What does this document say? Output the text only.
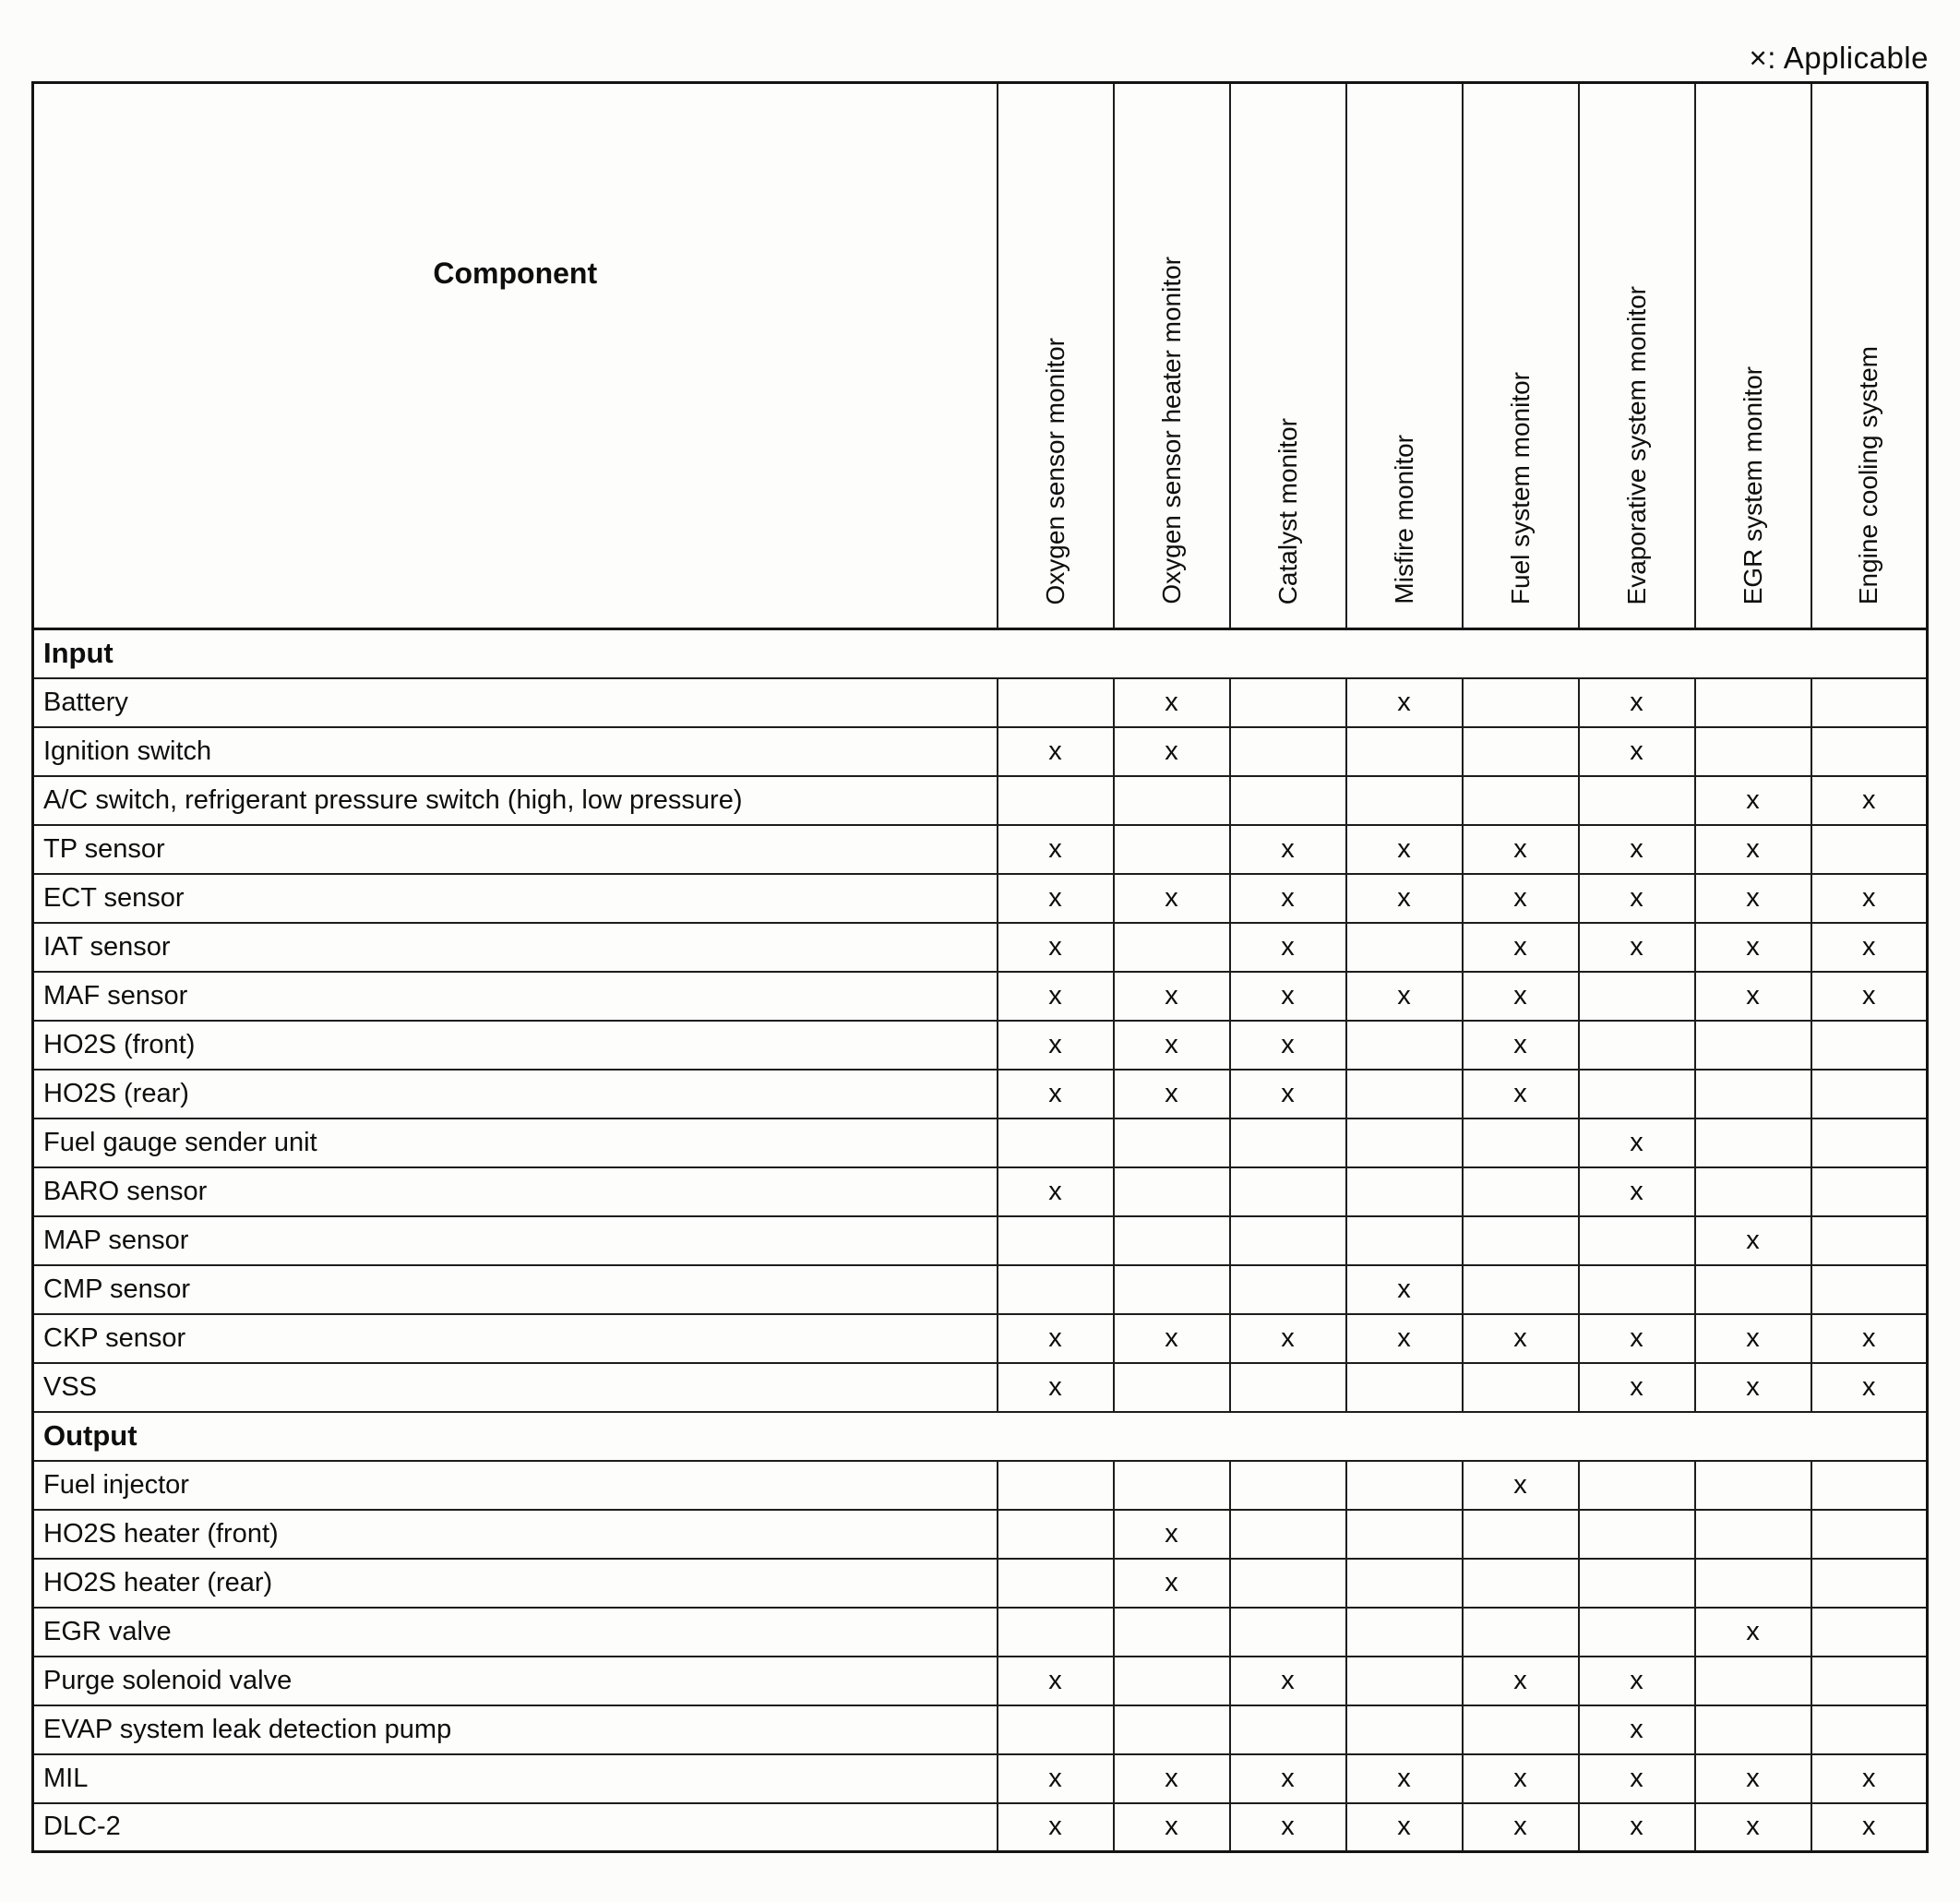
×: Applicable
Component	Oxygen sensor monitor	Oxygen sensor heater monitor	Catalyst monitor	Misfire monitor	Fuel system monitor	Evaporative system monitor	EGR system monitor	Engine cooling system
Input								
Battery		x		x		x		
Ignition switch	x	x				x		
A/C switch, refrigerant pressure switch (high, low pressure)							x	x
TP sensor	x		x	x	x	x	x	
ECT sensor	x	x	x	x	x	x	x	x
IAT sensor	x		x		x	x	x	x
MAF sensor	x	x	x	x	x		x	x
HO2S (front)	x	x	x		x			
HO2S (rear)	x	x	x		x			
Fuel gauge sender unit						x		
BARO sensor	x					x		
MAP sensor							x	
CMP sensor				x				
CKP sensor	x	x	x	x	x	x	x	x
VSS	x					x	x	x
Output								
Fuel injector					x			
HO2S heater (front)		x						
HO2S heater (rear)		x						
EGR valve							x	
Purge solenoid valve	x		x		x	x		
EVAP system leak detection pump						x		
MIL	x	x	x	x	x	x	x	x
DLC-2	x	x	x	x	x	x	x	x
